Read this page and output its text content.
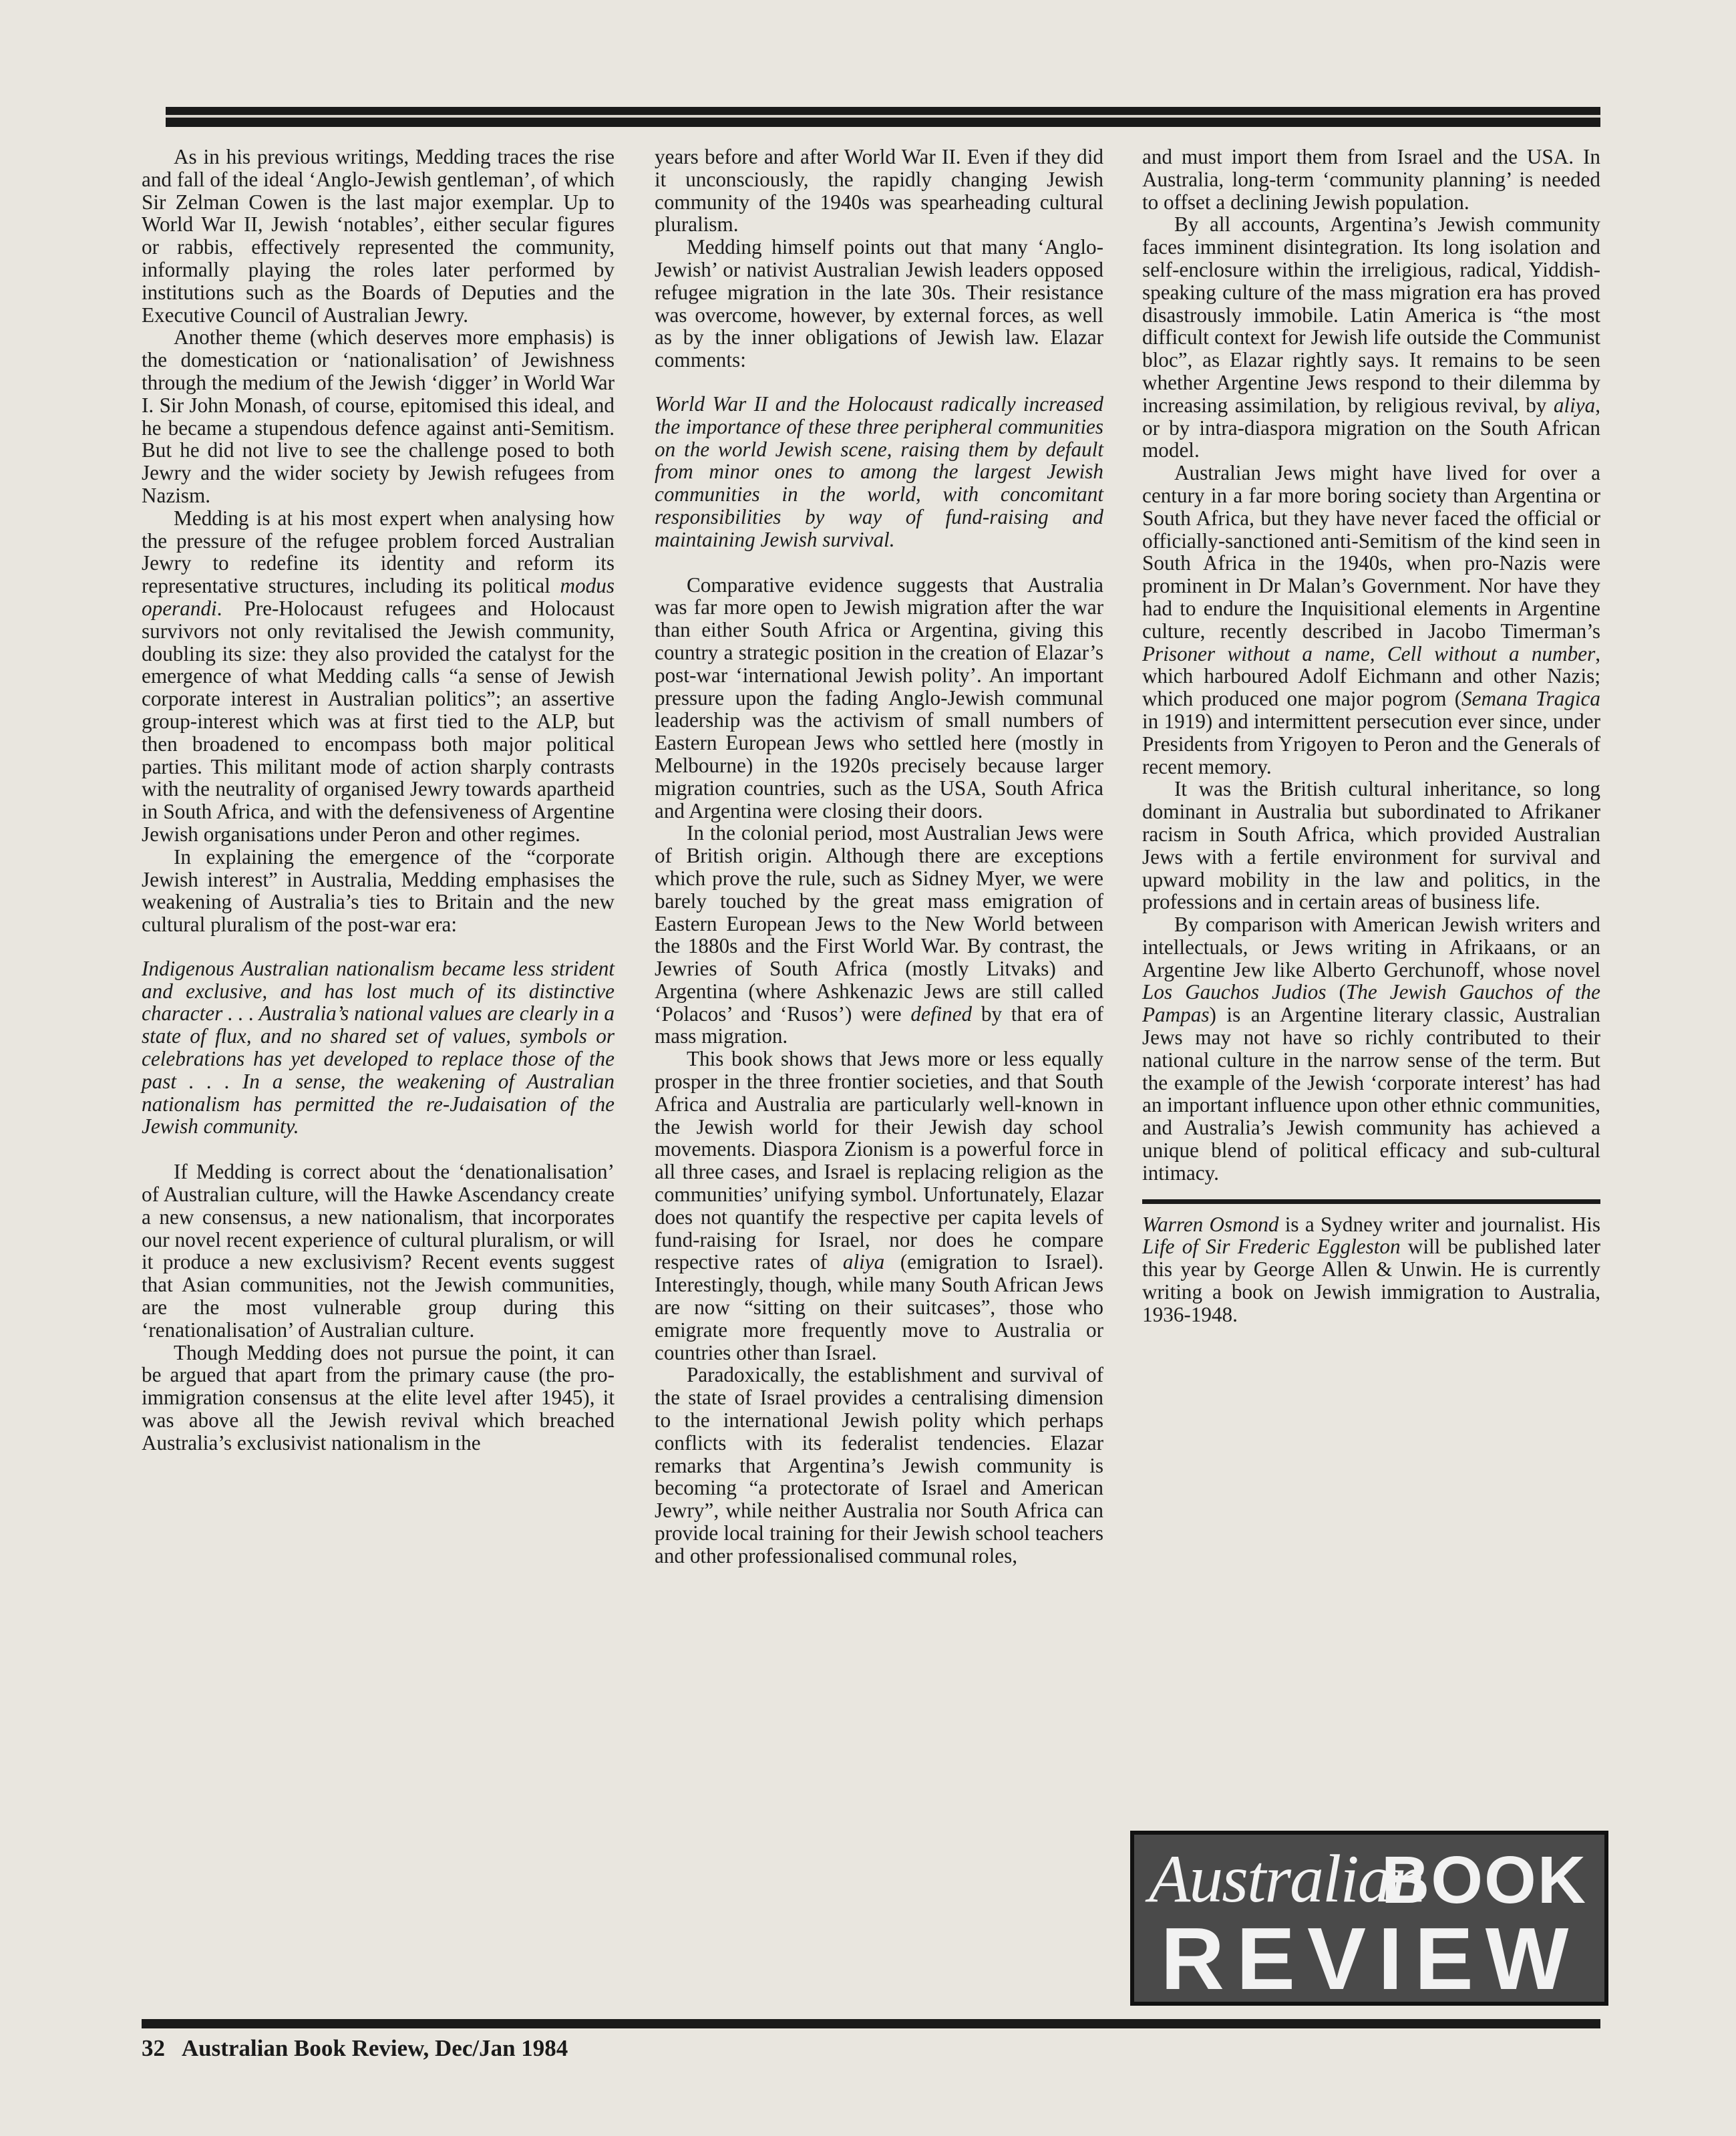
As in his previous writings, Medding traces the rise and fall of the ideal ‘Anglo-Jewish gentleman’, of which Sir Zelman Cowen is the last major exemplar. Up to World War II, Jewish ‘notables’, either secular figures or rabbis, effectively represented the community, informally playing the roles later performed by institutions such as the Boards of Deputies and the Executive Council of Australian Jewry.

Another theme (which deserves more emphasis) is the domestication or ‘nationalisation’ of Jewishness through the medium of the Jewish ‘digger’ in World War I. Sir John Monash, of course, epitomised this ideal, and he became a stupendous defence against anti-Semitism. But he did not live to see the challenge posed to both Jewry and the wider society by Jewish refugees from Nazism.

Medding is at his most expert when analysing how the pressure of the refugee problem forced Australian Jewry to redefine its identity and reform its representative structures, including its political modus operandi. Pre-Holocaust refugees and Holocaust survivors not only revitalised the Jewish community, doubling its size: they also provided the catalyst for the emergence of what Medding calls “a sense of Jewish corporate interest in Australian politics”; an assertive group-interest which was at first tied to the ALP, but then broadened to encompass both major political parties. This militant mode of action sharply contrasts with the neutrality of organised Jewry towards apartheid in South Africa, and with the defensiveness of Argentine Jewish organisations under Peron and other regimes.

In explaining the emergence of the “corporate Jewish interest” in Australia, Medding emphasises the weakening of Australia’s ties to Britain and the new cultural pluralism of the post-war era:

Indigenous Australian nationalism became less strident and exclusive, and has lost much of its distinctive character . . . Australia’s national values are clearly in a state of flux, and no shared set of values, symbols or celebrations has yet developed to replace those of the past . . . In a sense, the weakening of Australian nationalism has permitted the re-Judaisation of the Jewish community.

If Medding is correct about the ‘denationalisation’ of Australian culture, will the Hawke Ascendancy create a new consensus, a new nationalism, that incorporates our novel recent experience of cultural pluralism, or will it produce a new exclusivism? Recent events suggest that Asian communities, not the Jewish communities, are the most vulnerable group during this ‘renationalisation’ of Australian culture.

Though Medding does not pursue the point, it can be argued that apart from the primary cause (the pro-immigration consensus at the elite level after 1945), it was above all the Jewish revival which breached Australia’s exclusivist nationalism in the

years before and after World War II. Even if they did it unconsciously, the rapidly changing Jewish community of the 1940s was spearheading cultural pluralism.

Medding himself points out that many ‘Anglo-Jewish’ or nativist Australian Jewish leaders opposed refugee migration in the late 30s. Their resistance was overcome, however, by external forces, as well as by the inner obligations of Jewish law. Elazar comments:

World War II and the Holocaust radically increased the importance of these three peripheral communities on the world Jewish scene, raising them by default from minor ones to among the largest Jewish communities in the world, with concomitant responsibilities by way of fund-raising and maintaining Jewish survival.

Comparative evidence suggests that Australia was far more open to Jewish migration after the war than either South Africa or Argentina, giving this country a strategic position in the creation of Elazar’s post-war ‘international Jewish polity’. An important pressure upon the fading Anglo-Jewish communal leadership was the activism of small numbers of Eastern European Jews who settled here (mostly in Melbourne) in the 1920s precisely because larger migration countries, such as the USA, South Africa and Argentina were closing their doors.

In the colonial period, most Australian Jews were of British origin. Although there are exceptions which prove the rule, such as Sidney Myer, we were barely touched by the great mass emigration of Eastern European Jews to the New World between the 1880s and the First World War. By contrast, the Jewries of South Africa (mostly Litvaks) and Argentina (where Ashkenazic Jews are still called ‘Polacos’ and ‘Rusos’) were defined by that era of mass migration.

This book shows that Jews more or less equally prosper in the three frontier societies, and that South Africa and Australia are particularly well-known in the Jewish world for their Jewish day school movements. Diaspora Zionism is a powerful force in all three cases, and Israel is replacing religion as the communities’ unifying symbol. Unfortunately, Elazar does not quantify the respective per capita levels of fund-raising for Israel, nor does he compare respective rates of aliya (emigration to Israel). Interestingly, though, while many South African Jews are now “sitting on their suitcases”, those who emigrate more frequently move to Australia or countries other than Israel.

Paradoxically, the establishment and survival of the state of Israel provides a centralising dimension to the international Jewish polity which perhaps conflicts with its federalist tendencies. Elazar remarks that Argentina’s Jewish community is becoming “a protectorate of Israel and American Jewry”, while neither Australia nor South Africa can provide local training for their Jewish school teachers and other professionalised communal roles,

and must import them from Israel and the USA. In Australia, long-term ‘community planning’ is needed to offset a declining Jewish population.

By all accounts, Argentina’s Jewish community faces imminent disintegration. Its long isolation and self-enclosure within the irreligious, radical, Yiddish-speaking culture of the mass migration era has proved disastrously immobile. Latin America is “the most difficult context for Jewish life outside the Communist bloc”, as Elazar rightly says. It remains to be seen whether Argentine Jews respond to their dilemma by increasing assimilation, by religious revival, by aliya, or by intra-diaspora migration on the South African model.

Australian Jews might have lived for over a century in a far more boring society than Argentina or South Africa, but they have never faced the official or officially-sanctioned anti-Semitism of the kind seen in South Africa in the 1940s, when pro-Nazis were prominent in Dr Malan’s Government. Nor have they had to endure the Inquisitional elements in Argentine culture, recently described in Jacobo Timerman’s Prisoner without a name, Cell without a number, which harboured Adolf Eichmann and other Nazis; which produced one major pogrom (Semana Tragica in 1919) and intermittent persecution ever since, under Presidents from Yrigoyen to Peron and the Generals of recent memory.

It was the British cultural inheritance, so long dominant in Australia but subordinated to Afrikaner racism in South Africa, which provided Australian Jews with a fertile environment for survival and upward mobility in the law and politics, in the professions and in certain areas of business life.

By comparison with American Jewish writers and intellectuals, or Jews writing in Afrikaans, or an Argentine Jew like Alberto Gerchunoff, whose novel Los Gauchos Judios (The Jewish Gauchos of the Pampas) is an Argentine literary classic, Australian Jews may not have so richly contributed to their national culture in the narrow sense of the term. But the example of the Jewish ‘corporate interest’ has had an important influence upon other ethnic communities, and Australia’s Jewish community has achieved a unique blend of political efficacy and sub-cultural intimacy.

Warren Osmond is a Sydney writer and journalist. His Life of Sir Frederic Eggleston will be published later this year by George Allen & Unwin. He is currently writing a book on Jewish immigration to Australia, 1936-1948.

Australian
BOOK
REVIEW
32 Australian Book Review, Dec/Jan 1984
